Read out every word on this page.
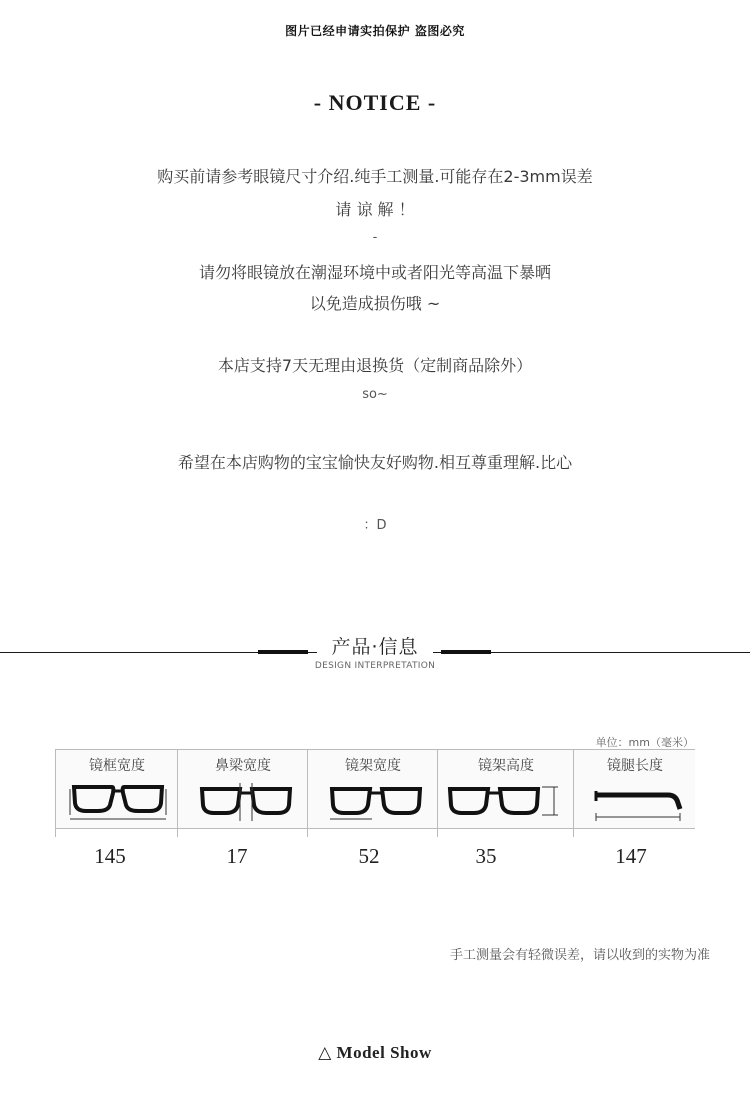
图片已经申请实拍保护 盗图必究
- NOTICE -
购买前请参考眼镜尺寸介绍.纯手工测量.可能存在2-3mm误差
请 谅 解 ！
-
请勿将眼镜放在潮湿环境中或者阳光等高温下暴晒
以免造成损伤哦 ~
本店支持7天无理由退换货（定制商品除外）
so~
希望在本店购物的宝宝愉快友好购物.相互尊重理解.比心
：D
产品·信息
DESIGN INTERPRETATION
单位：mm（毫米）
镜框宽度	鼻梁宽度	镜架宽度	镜架高度	镜腿长度
145	17	52	35	147
手工测量会有轻微误差，请以收到的实物为准
△ Model Show
